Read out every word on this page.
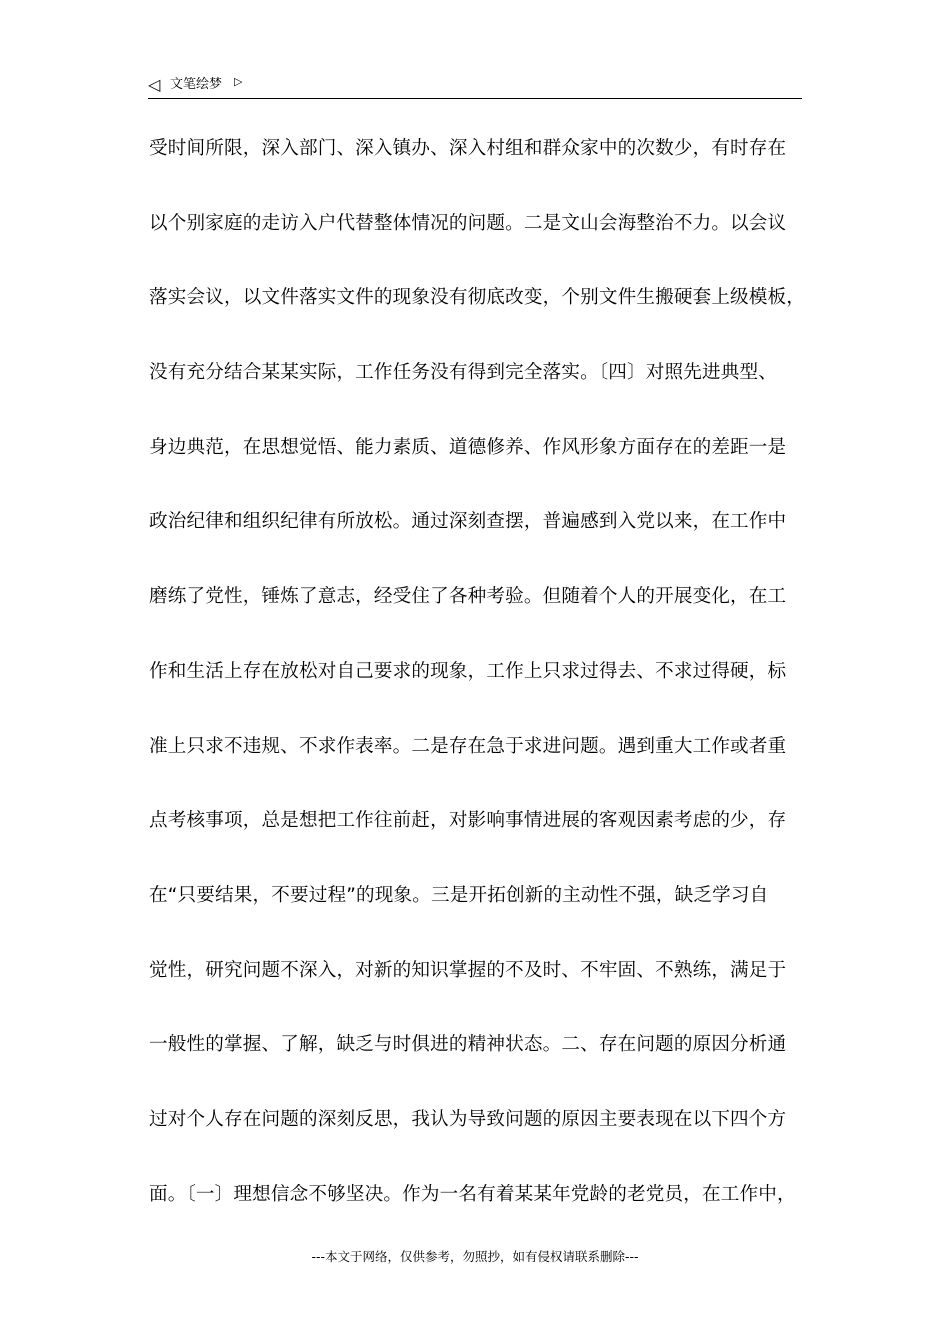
◁ 文笔绘梦 ▷
受时间所限，深入部门、深入镇办、深入村组和群众家中的次数少，有时存在
以个别家庭的走访入户代替整体情况的问题。二是文山会海整治不力。以会议
落实会议，以文件落实文件的现象没有彻底改变，个别文件生搬硬套上级模板，
没有充分结合某某实际，工作任务没有得到完全落实。〔四〕对照先进典型、
身边典范，在思想觉悟、能力素质、道德修养、作风形象方面存在的差距一是
政治纪律和组织纪律有所放松。通过深刻查摆，普遍感到入党以来，在工作中
磨练了党性，锤炼了意志，经受住了各种考验。但随着个人的开展变化，在工
作和生活上存在放松对自己要求的现象，工作上只求过得去、不求过得硬，标
准上只求不违规、不求作表率。二是存在急于求进问题。遇到重大工作或者重
点考核事项，总是想把工作往前赶，对影响事情进展的客观因素考虑的少，存
在“只要结果，不要过程”的现象。三是开拓创新的主动性不强，缺乏学习自
觉性，研究问题不深入，对新的知识掌握的不及时、不牢固、不熟练，满足于
一般性的掌握、了解，缺乏与时俱进的精神状态。二、存在问题的原因分析通
过对个人存在问题的深刻反思，我认为导致问题的原因主要表现在以下四个方
面。〔一〕理想信念不够坚决。作为一名有着某某年党龄的老党员，在工作中，
---本文于网络，仅供参考，勿照抄，如有侵权请联系删除---
